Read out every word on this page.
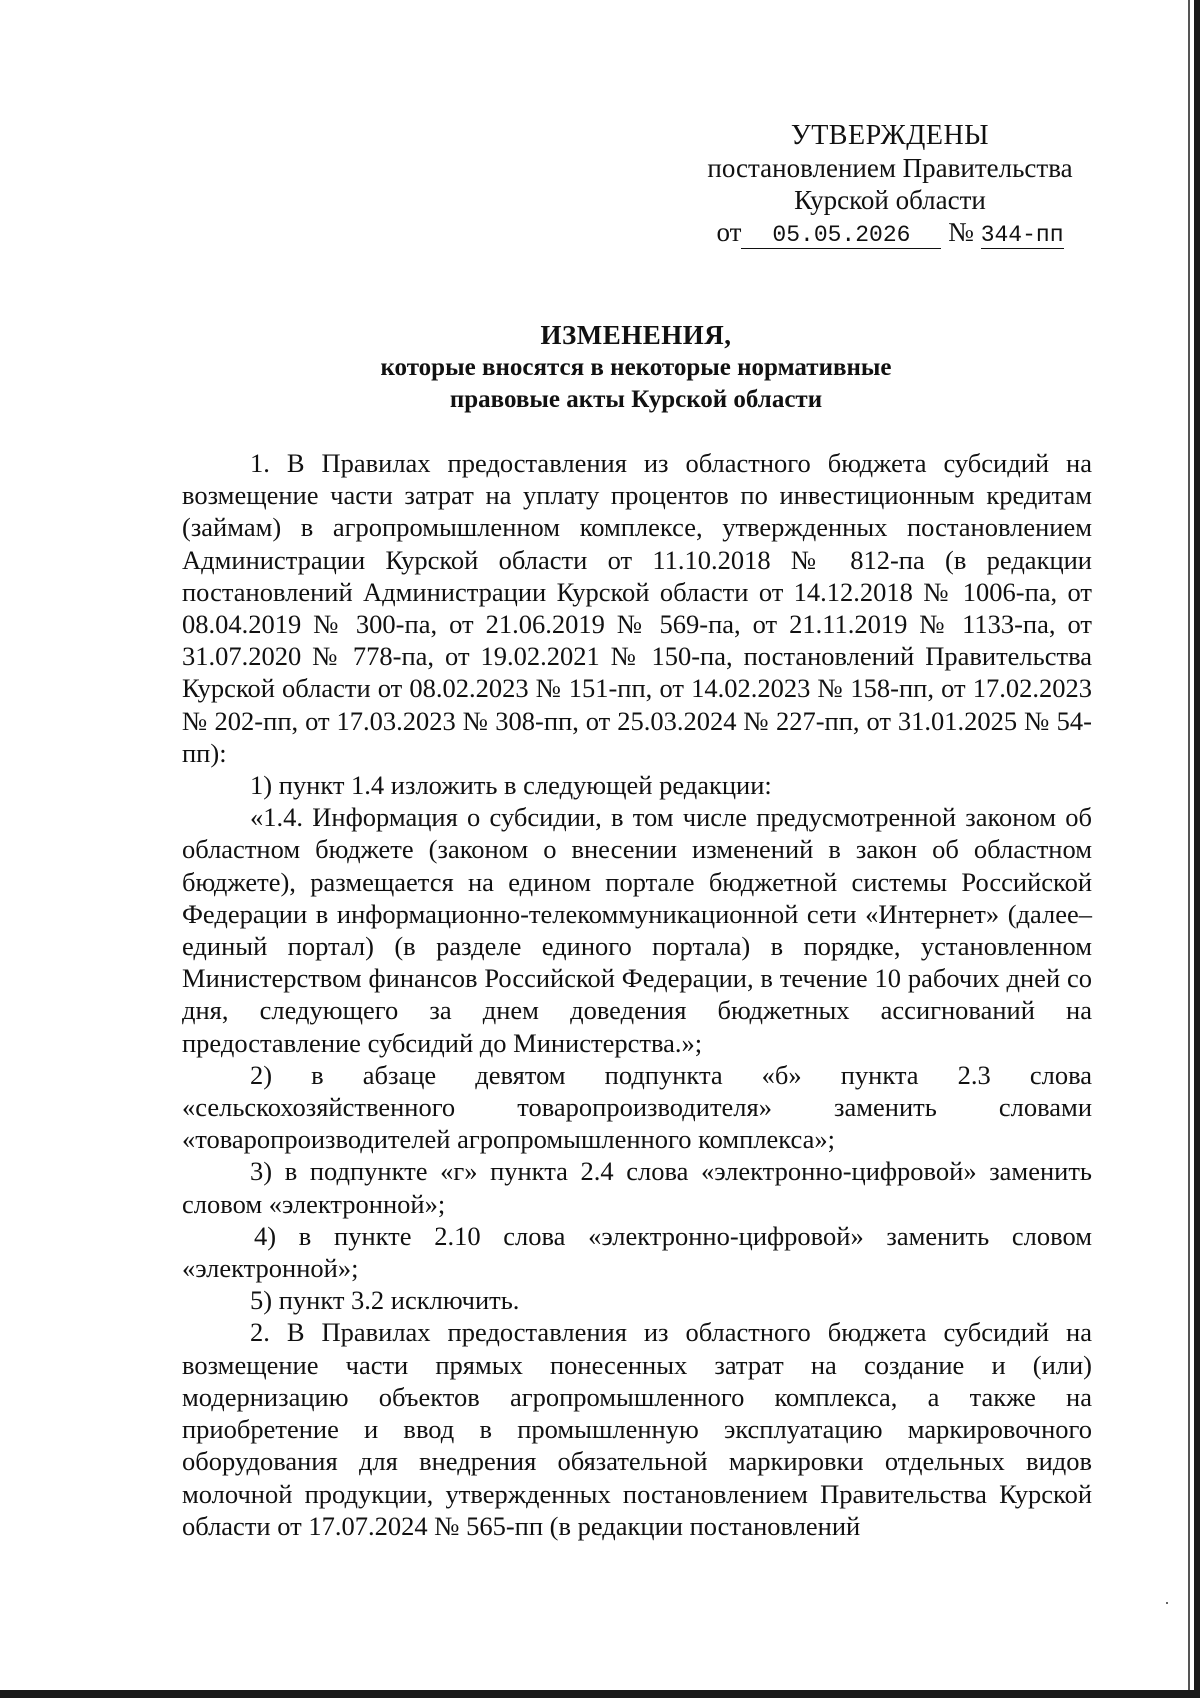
УТВЕРЖДЕНЫ
постановлением Правительства
Курской области
от 05.05.2026 № 344-пп
ИЗМЕНЕНИЯ,
которые вносятся в некоторые нормативные
правовые акты Курской области

1. В Правилах предоставления из областного бюджета субсидий на возмещение части затрат на уплату процентов по инвестиционным кредитам (займам) в агропромышленном комплексе, утвержденных постановлением Администрации Курской области от 11.10.2018 № 812-па (в редакции постановлений Администрации Курской области от 14.12.2018 № 1006-па, от 08.04.2019 № 300-па, от 21.06.2019 № 569-па, от 21.11.2019 № 1133-па, от 31.07.2020 № 778-па, от 19.02.2021 № 150-па, постановлений Правительства Курской области от 08.02.2023 № 151-пп, от 14.02.2023 № 158-пп, от 17.02.2023 № 202-пп, от 17.03.2023 № 308-пп, от 25.03.2024 № 227-пп, от 31.01.2025 № 54-пп):

1) пункт 1.4 изложить в следующей редакции:

«1.4. Информация о субсидии, в том числе предусмотренной законом об областном бюджете (законом о внесении изменений в закон об областном бюджете), размещается на едином портале бюджетной системы Российской Федерации в информационно-телекоммуникационной сети «Интернет» (далее–единый портал) (в разделе единого портала) в порядке, установленном Министерством финансов Российской Федерации, в течение 10 рабочих дней со дня, следующего за днем доведения бюджетных ассигнований на предоставление субсидий до Министерства.»;

2) в абзаце девятом подпункта «б» пункта 2.3 слова «сельскохозяйственного товаропроизводителя» заменить словами «товаропроизводителей агропромышленного комплекса»;

3) в подпункте «г» пункта 2.4 слова «электронно-цифровой» заменить словом «электронной»;

4) в пункте 2.10 слова «электронно-цифровой» заменить словом «электронной»;

5) пункт 3.2 исключить.

2. В Правилах предоставления из областного бюджета субсидий на возмещение части прямых понесенных затрат на создание и (или) модернизацию объектов агропромышленного комплекса, а также на приобретение и ввод в промышленную эксплуатацию маркировочного оборудования для внедрения обязательной маркировки отдельных видов молочной продукции, утвержденных постановлением Правительства Курской области от 17.07.2024 № 565-пп (в редакции постановлений
